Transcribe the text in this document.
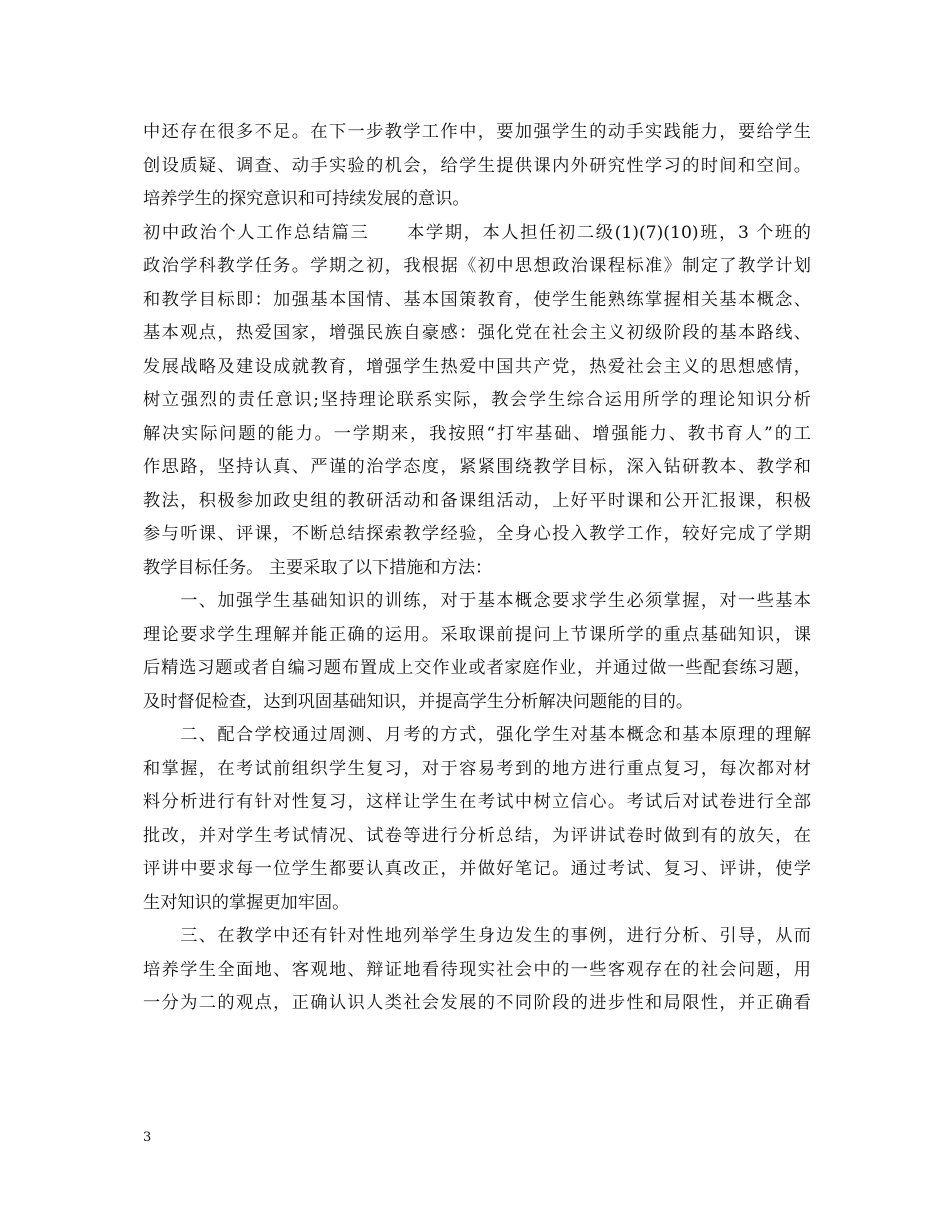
中还存在很多不足。在下一步教学工作中，要加强学生的动手实践能力，要给学生
创设质疑、调查、动手实验的机会，给学生提供课内外研究性学习的时间和空间。
培养学生的探究意识和可持续发展的意识。
初中政治个人工作总结篇三　　本学期，本人担任初二级(1)(7)(10)班，3 个班的
政治学科教学任务。学期之初，我根据《初中思想政治课程标准》制定了教学计划
和教学目标即：加强基本国情、基本国策教育，使学生能熟练掌握相关基本概念、
基本观点，热爱国家，增强民族自豪感：强化党在社会主义初级阶段的基本路线、
发展战略及建设成就教育，增强学生热爱中国共产党，热爱社会主义的思想感情，
树立强烈的责任意识;坚持理论联系实际，教会学生综合运用所学的理论知识分析
解决实际问题的能力。一学期来，我按照“打牢基础、增强能力、教书育人”的工
作思路，坚持认真、严谨的治学态度，紧紧围绕教学目标，深入钻研教本、教学和
教法，积极参加政史组的教研活动和备课组活动，上好平时课和公开汇报课，积极
参与听课、评课，不断总结探索教学经验，全身心投入教学工作，较好完成了学期
教学目标任务。 主要采取了以下措施和方法：
　　一、加强学生基础知识的训练，对于基本概念要求学生必须掌握，对一些基本
理论要求学生理解并能正确的运用。采取课前提问上节课所学的重点基础知识，课
后精选习题或者自编习题布置成上交作业或者家庭作业，并通过做一些配套练习题，
及时督促检查，达到巩固基础知识，并提高学生分析解决问题能的目的。
　　二、配合学校通过周测、月考的方式，强化学生对基本概念和基本原理的理解
和掌握，在考试前组织学生复习，对于容易考到的地方进行重点复习，每次都对材
料分析进行有针对性复习，这样让学生在考试中树立信心。考试后对试卷进行全部
批改，并对学生考试情况、试卷等进行分析总结，为评讲试卷时做到有的放矢，在
评讲中要求每一位学生都要认真改正，并做好笔记。通过考试、复习、评讲，使学
生对知识的掌握更加牢固。
　　三、在教学中还有针对性地列举学生身边发生的事例，进行分析、引导，从而
培养学生全面地、客观地、辩证地看待现实社会中的一些客观存在的社会问题，用
一分为二的观点，正确认识人类社会发展的不同阶段的进步性和局限性，并正确看
3
